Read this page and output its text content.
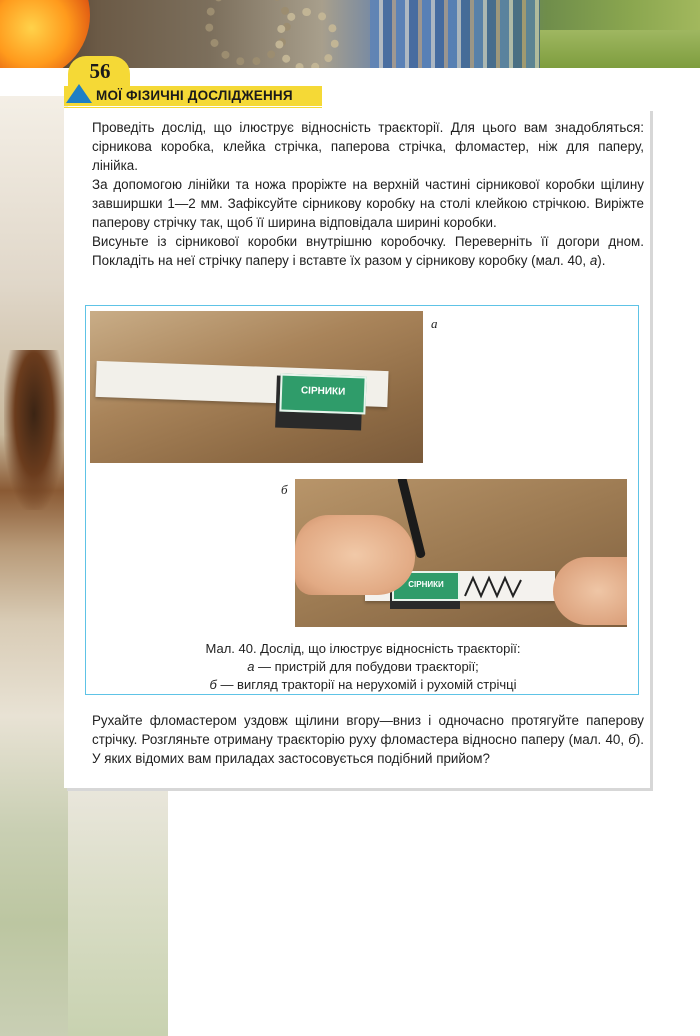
56
МОЇ ФІЗИЧНІ ДОСЛІДЖЕННЯ

Проведіть дослід, що ілюструє відносність траєкторії. Для цього вам знадобляться: сірникова коробка, клейка стрічка, паперова стрічка, фломастер, ніж для паперу, лінійка.

За допомогою лінійки та ножа проріжте на верхній частині сірникової коробки щілину завширшки 1—2 мм. Зафіксуйте сірникову коробку на столі клейкою стрічкою. Виріжте паперову стрічку так, щоб її ширина відповідала ширині коробки.

Висуньте із сірникової коробки внутрішню коробочку. Переверніть її догори дном. Покладіть на неї стрічку паперу і вставте їх разом у сірникову коробку (мал. 40, а).

СІРНИКИ
а
СІРНИКИ
б
Мал. 40. Дослід, що ілюструє відносність траєкторії:
а — пристрій для побудови траєкторії;
б — вигляд тракторії на нерухомій і рухомій стрічці

Рухайте фломастером уздовж щілини вгору—вниз і одночасно протягуйте паперову стрічку. Розгляньте отриману траєкторію руху фломастера відносно паперу (мал. 40, б). У яких відомих вам приладах застосовується подібний прийом?
